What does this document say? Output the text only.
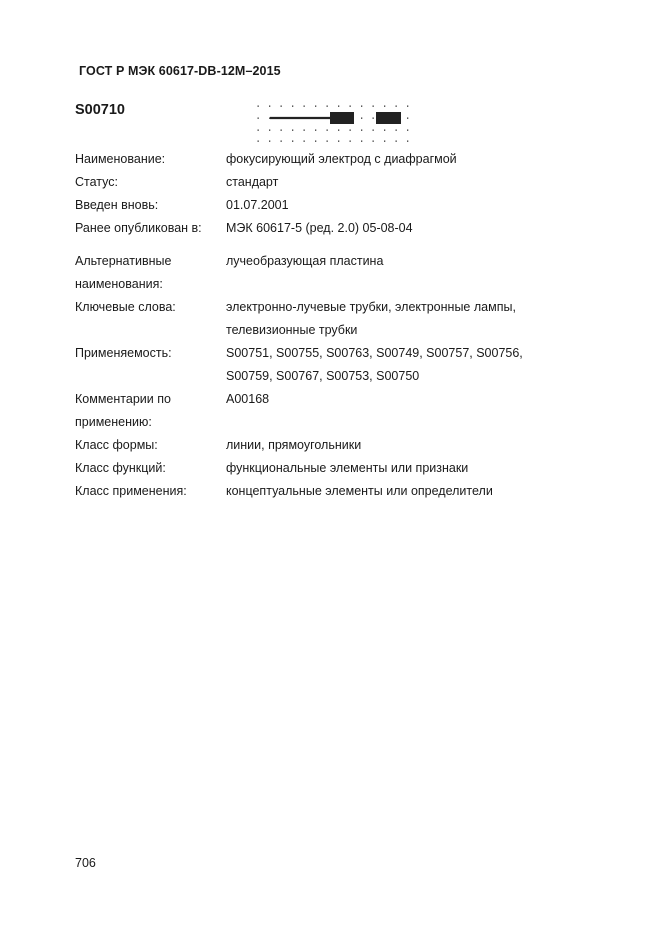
ГОСТ Р МЭК 60617-DB-12M–2015
S00710
Наименование:	фокусирующий электрод с диафрагмой
Статус:	стандарт
Введен вновь:	01.07.2001
Ранее опубликован в:	МЭК 60617-5 (ред. 2.0) 05-08-04
Альтернативные
наименования:
лучеобразующая пластина
Ключевые слова:	электронно-лучевые трубки, электронные лампы,
телевизионные трубки
Применяемость:	S00751, S00755, S00763, S00749, S00757, S00756,
S00759, S00767, S00753, S00750
Комментарии по
применению:
A00168
Класс формы:	линии, прямоугольники
Класс функций:	функциональные элементы или признаки
Класс применения:	концептуальные элементы или определители
706
